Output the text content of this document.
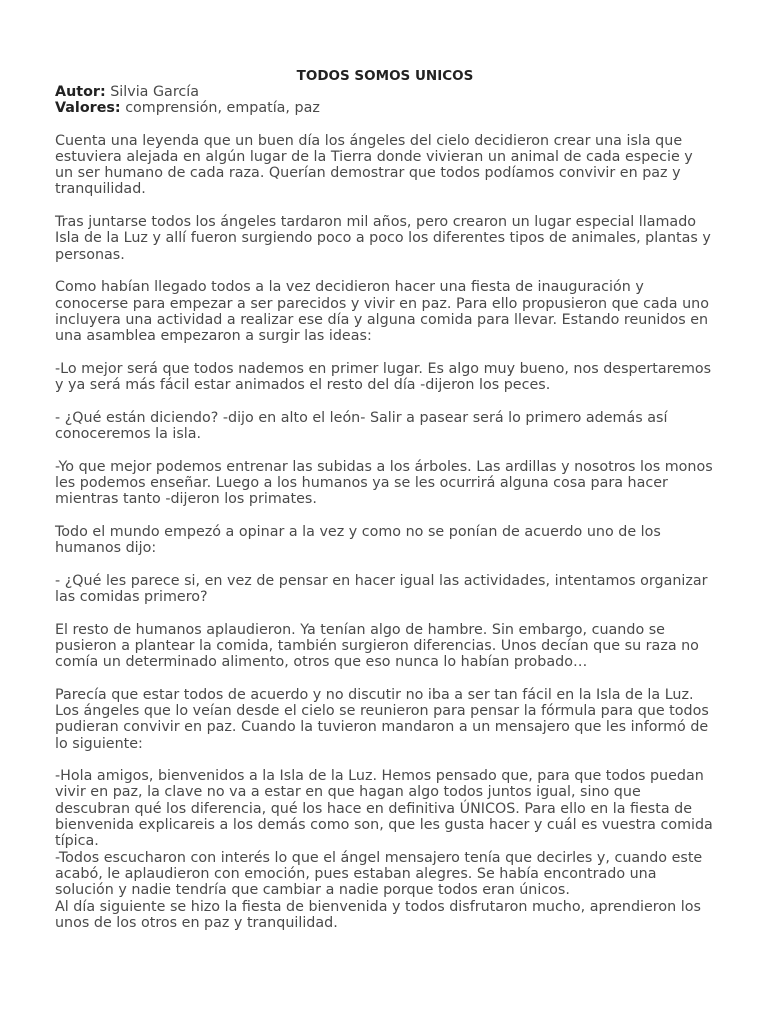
TODOS SOMOS UNICOS

Autor: Silvia García

Valores: comprensión, empatía, paz

Cuenta una leyenda que un buen día los ángeles del cielo decidieron crear una isla que estuviera alejada en algún lugar de la Tierra donde vivieran un animal de cada especie y un ser humano de cada raza. Querían demostrar que todos podíamos convivir en paz y tranquilidad.

Tras juntarse todos los ángeles tardaron mil años, pero crearon un lugar especial llamado Isla de la Luz y allí fueron surgiendo poco a poco los diferentes tipos de animales, plantas y personas.

Como habían llegado todos a la vez decidieron hacer una fiesta de inauguración y conocerse para empezar a ser parecidos y vivir en paz. Para ello propusieron que cada uno incluyera una actividad a realizar ese día y alguna comida para llevar. Estando reunidos en una asamblea empezaron a surgir las ideas:

-Lo mejor será que todos nademos en primer lugar. Es algo muy bueno, nos despertaremos y ya será más fácil estar animados el resto del día -dijeron los peces.

- ¿Qué están diciendo? -dijo en alto el león- Salir a pasear será lo primero además así conoceremos la isla.

-Yo que mejor podemos entrenar las subidas a los árboles. Las ardillas y nosotros los monos les podemos enseñar. Luego a los humanos ya se les ocurrirá alguna cosa para hacer mientras tanto -dijeron los primates.

Todo el mundo empezó a opinar a la vez y como no se ponían de acuerdo uno de los humanos dijo:

- ¿Qué les parece si, en vez de pensar en hacer igual las actividades, intentamos organizar las comidas primero?

El resto de humanos aplaudieron. Ya tenían algo de hambre. Sin embargo, cuando se pusieron a plantear la comida, también surgieron diferencias. Unos decían que su raza no comía un determinado alimento, otros que eso nunca lo habían probado…

Parecía que estar todos de acuerdo y no discutir no iba a ser tan fácil en la Isla de la Luz. Los ángeles que lo veían desde el cielo se reunieron para pensar la fórmula para que todos pudieran convivir en paz. Cuando la tuvieron mandaron a un mensajero que les informó de lo siguiente:

-Hola amigos, bienvenidos a la Isla de la Luz. Hemos pensado que, para que todos puedan vivir en paz, la clave no va a estar en que hagan algo todos juntos igual, sino que descubran qué los diferencia, qué los hace en definitiva ÚNICOS. Para ello en la fiesta de bienvenida explicareis a los demás como son, que les gusta hacer y cuál es vuestra comida típica.

-Todos escucharon con interés lo que el ángel mensajero tenía que decirles y, cuando este acabó, le aplaudieron con emoción, pues estaban alegres. Se había encontrado una solución y nadie tendría que cambiar a nadie porque todos eran únicos.

Al día siguiente se hizo la fiesta de bienvenida y todos disfrutaron mucho, aprendieron los unos de los otros en paz y tranquilidad.
